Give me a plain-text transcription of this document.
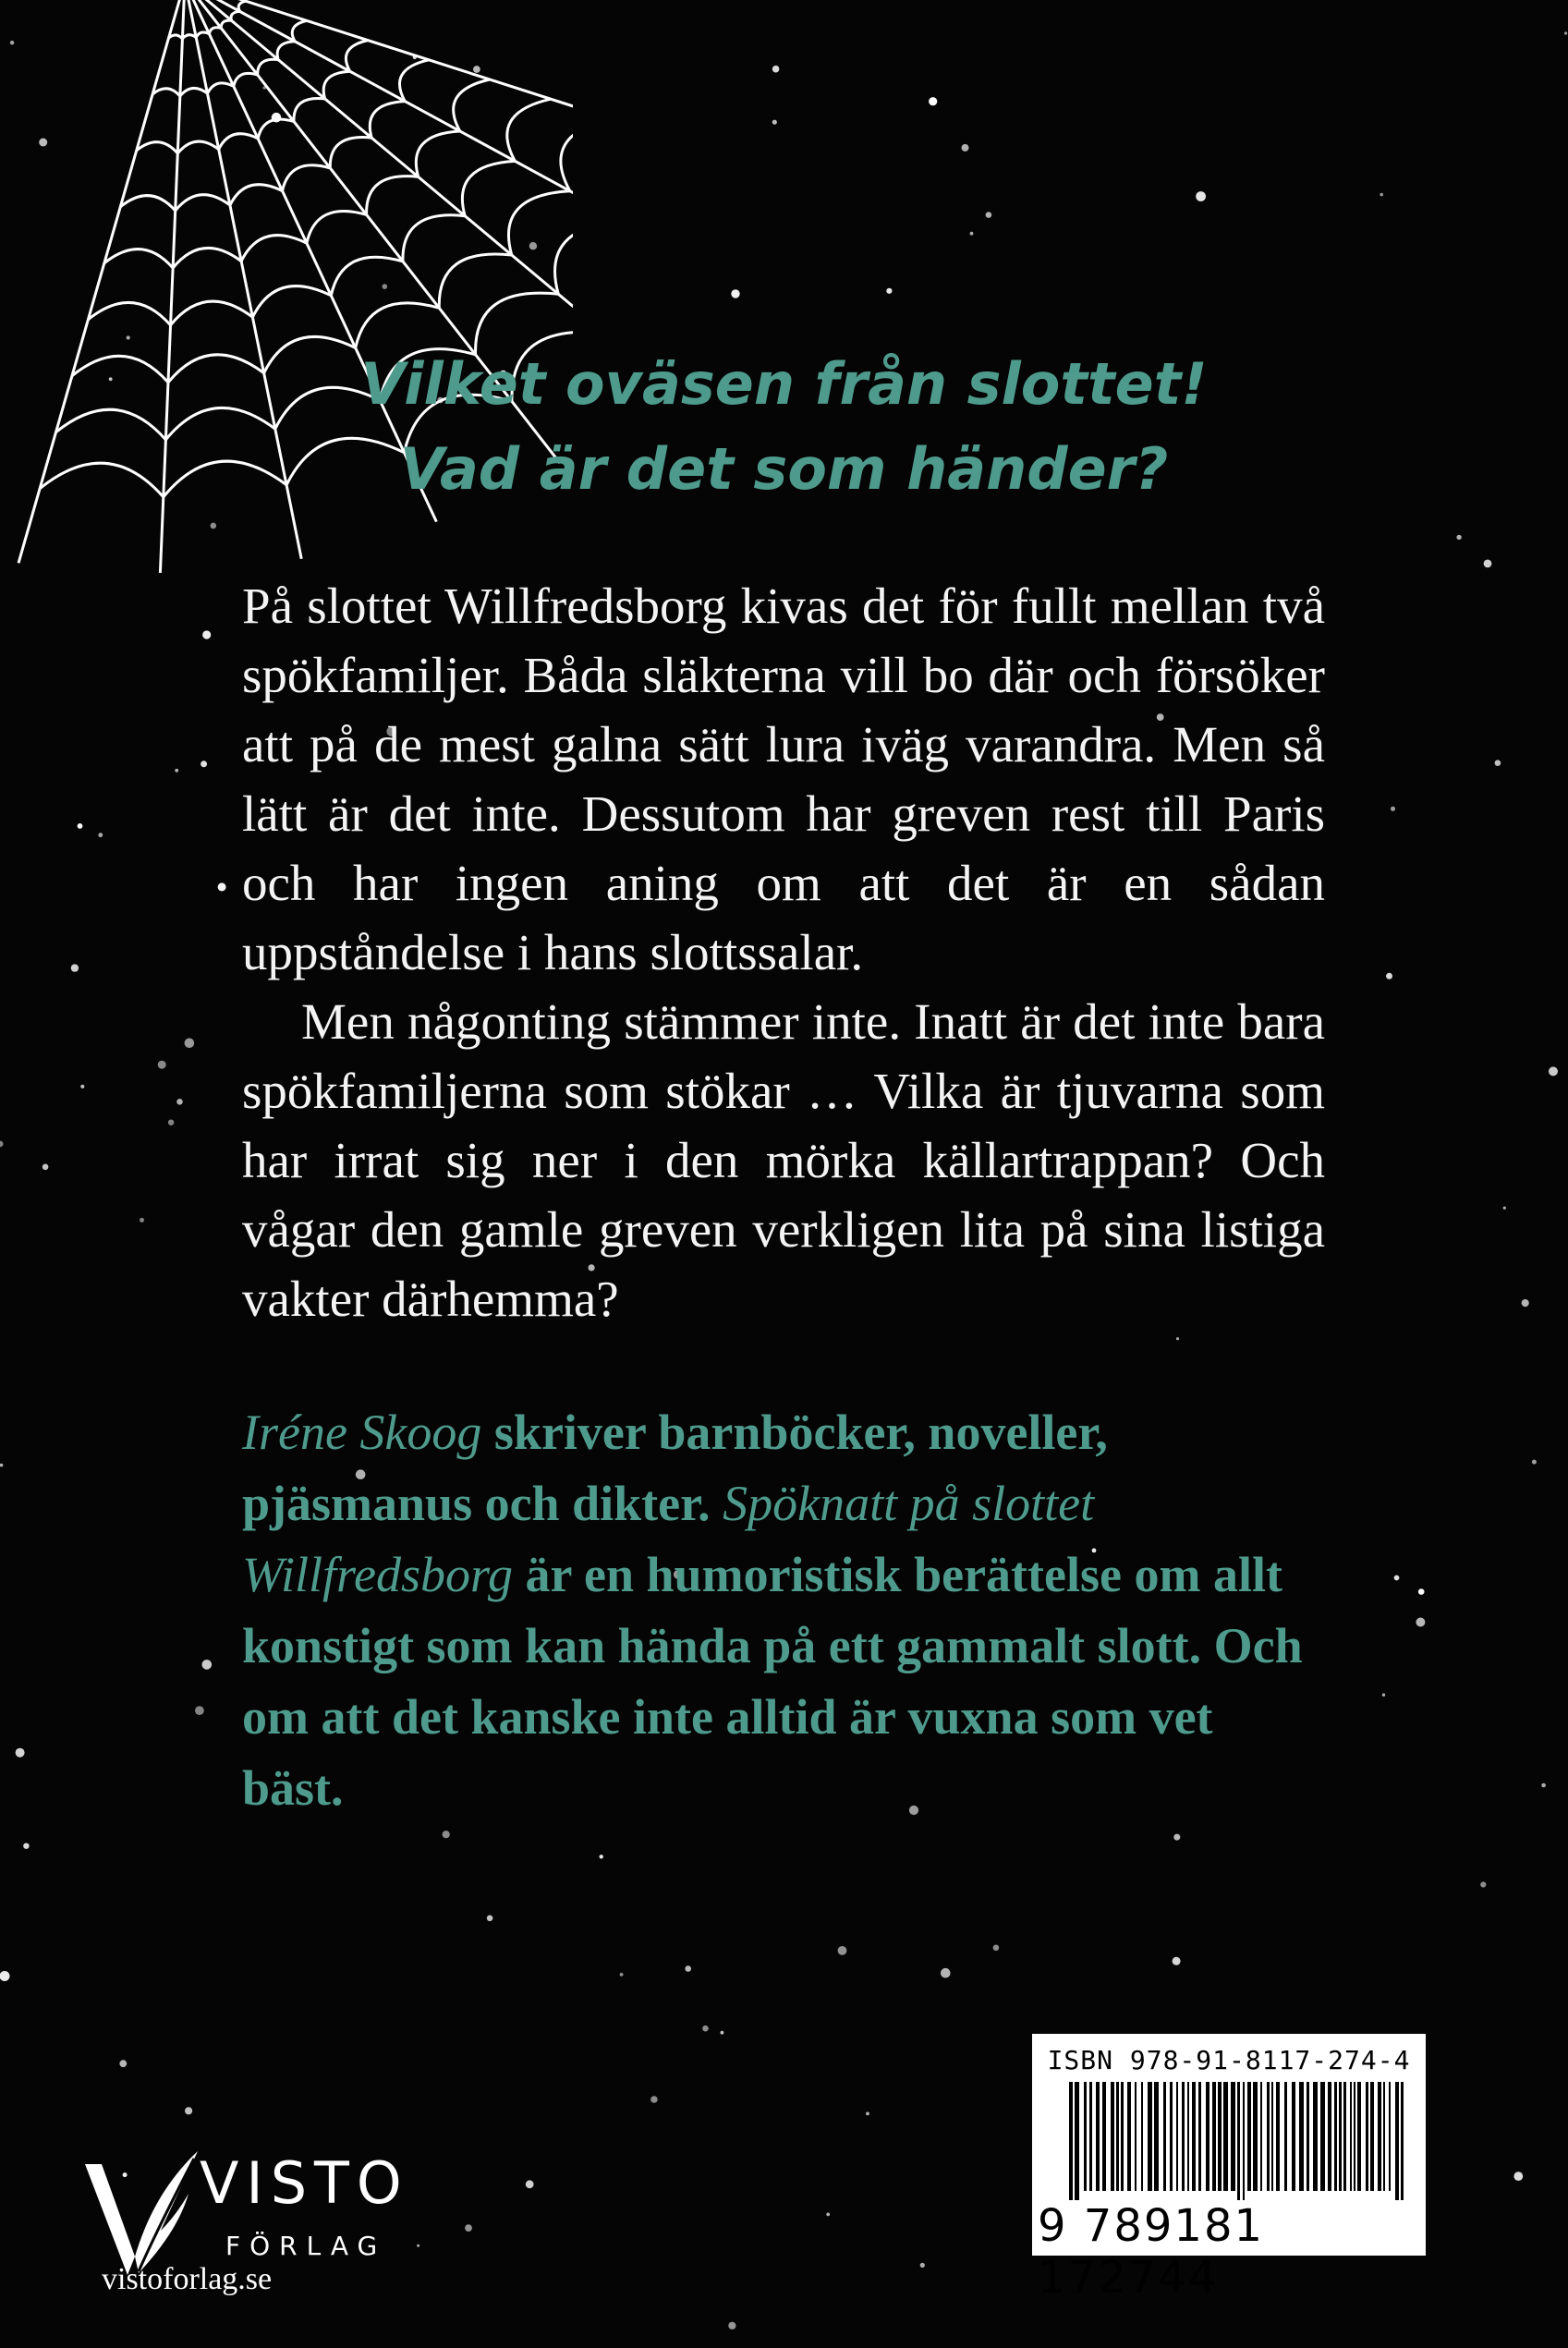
Vilket oväsen från slottet!
Vad är det som händer?

På slottet Willfredsborg kivas det för fullt mellan två spökfamiljer. Båda släkterna vill bo där och försöker att på de mest galna sätt lura iväg varandra. Men så lätt är det inte. Dessutom har greven rest till Paris och har ingen aning om att det är en sådan uppståndelse i hans slottssalar.

Men någonting stämmer inte. Inatt är det inte bara spökfamiljerna som stökar … Vilka är tjuvarna som har irrat sig ner i den mörka källartrappan? Och vågar den gamle greven verkligen lita på sina listiga vakter därhemma?

Iréne Skoog skriver barnböcker, noveller, pjäsmanus och dikter. Spöknatt på slottet Willfredsborg är en humoristisk berättelse om allt konstigt som kan hända på ett gammalt slott. Och om att det kanske inte alltid är vuxna som vet bäst.

VISTO
FÖRLAG
vistoforlag.se
ISBN 978-91-8117-274-4
9 789181 172744
